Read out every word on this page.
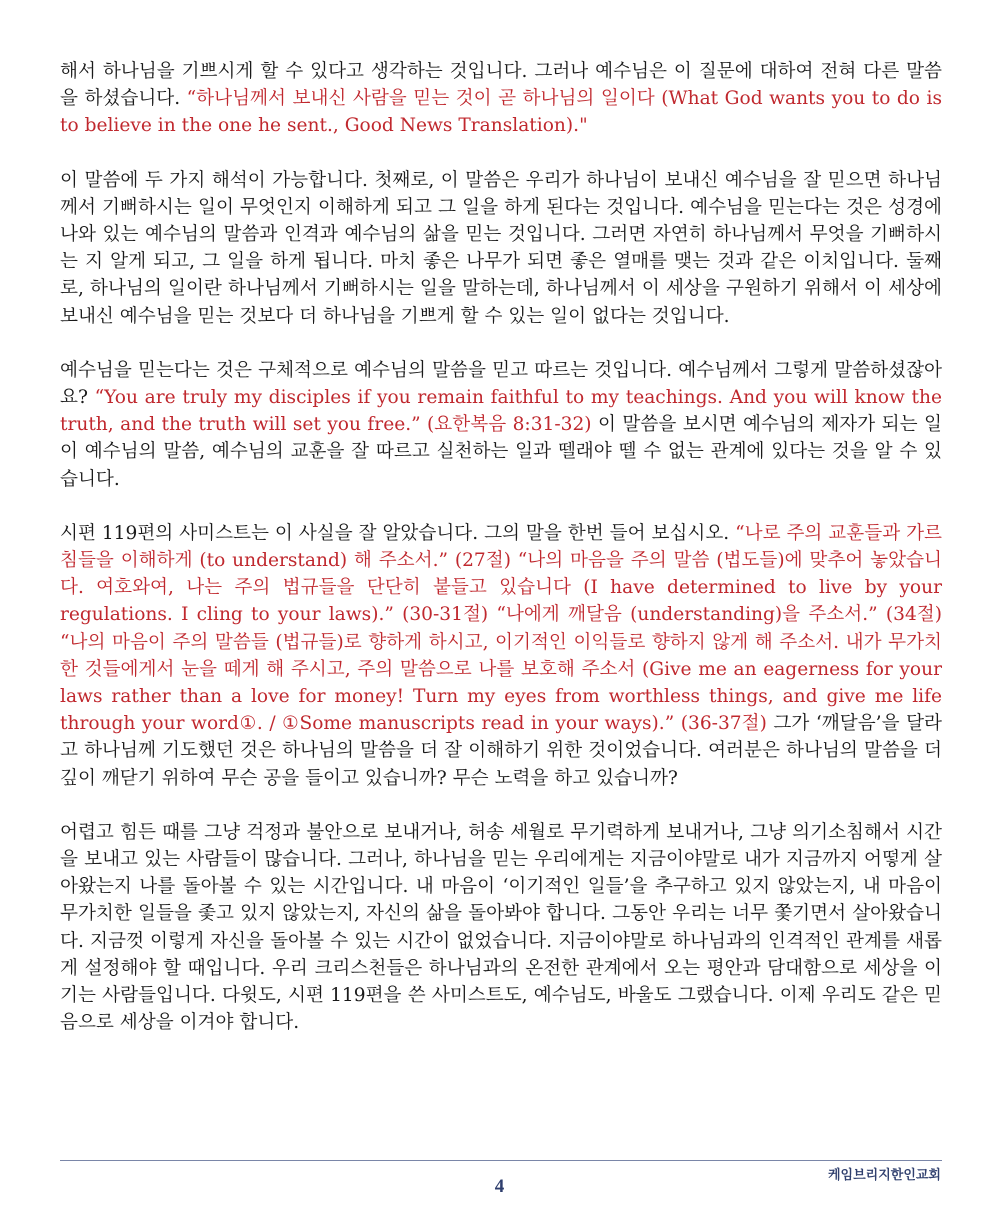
해서 하나님을 기쁘시게 할 수 있다고 생각하는 것입니다. 그러나 예수님은 이 질문에 대하여 전혀 다른 말씀을 하셨습니다. “하나님께서 보내신 사람을 믿는 것이 곧 하나님의 일이다 (What God wants you to do is to believe in the one he sent., Good News Translation)."

이 말씀에 두 가지 해석이 가능합니다. 첫째로, 이 말씀은 우리가 하나님이 보내신 예수님을 잘 믿으면 하나님께서 기뻐하시는 일이 무엇인지 이해하게 되고 그 일을 하게 된다는 것입니다. 예수님을 믿는다는 것은 성경에 나와 있는 예수님의 말씀과 인격과 예수님의 삶을 믿는 것입니다. 그러면 자연히 하나님께서 무엇을 기뻐하시는 지 알게 되고, 그 일을 하게 됩니다. 마치 좋은 나무가 되면 좋은 열매를 맺는 것과 같은 이치입니다. 둘째로, 하나님의 일이란 하나님께서 기뻐하시는 일을 말하는데, 하나님께서 이 세상을 구원하기 위해서 이 세상에 보내신 예수님을 믿는 것보다 더 하나님을 기쁘게 할 수 있는 일이 없다는 것입니다.

예수님을 믿는다는 것은 구체적으로 예수님의 말씀을 믿고 따르는 것입니다. 예수님께서 그렇게 말씀하셨잖아요? “You are truly my disciples if you remain faithful to my teachings. And you will know the truth, and the truth will set you free.” (요한복음 8:31-32) 이 말씀을 보시면 예수님의 제자가 되는 일이 예수님의 말씀, 예수님의 교훈을 잘 따르고 실천하는 일과 뗄래야 뗄 수 없는 관계에 있다는 것을 알 수 있습니다.

시편 119편의 사미스트는 이 사실을 잘 알았습니다. 그의 말을 한번 들어 보십시오. “나로 주의 교훈들과 가르침들을 이해하게 (to understand) 해 주소서.” (27절) “나의 마음을 주의 말씀 (법도들)에 맞추어 놓았습니다. 여호와여, 나는 주의 법규들을 단단히 붙들고 있습니다 (I have determined to live by your regulations. I cling to your laws).” (30-31절) “나에게 깨달음 (understanding)을 주소서.” (34절) “나의 마음이 주의 말씀들 (법규들)로 향하게 하시고, 이기적인 이익들로 향하지 않게 해 주소서. 내가 무가치한 것들에게서 눈을 떼게 해 주시고, 주의 말씀으로 나를 보호해 주소서 (Give me an eagerness for your laws rather than a love for money! Turn my eyes from worthless things, and give me life through your word①. / ①Some manuscripts read in your ways).” (36-37절) 그가 ‘깨달음’을 달라고 하나님께 기도했던 것은 하나님의 말씀을 더 잘 이해하기 위한 것이었습니다. 여러분은 하나님의 말씀을 더 깊이 깨닫기 위하여 무슨 공을 들이고 있습니까? 무슨 노력을 하고 있습니까?

어렵고 힘든 때를 그냥 걱정과 불안으로 보내거나, 허송 세월로 무기력하게 보내거나, 그냥 의기소침해서 시간을 보내고 있는 사람들이 많습니다. 그러나, 하나님을 믿는 우리에게는 지금이야말로 내가 지금까지 어떻게 살아왔는지 나를 돌아볼 수 있는 시간입니다. 내 마음이 ‘이기적인 일들’을 추구하고 있지 않았는지, 내 마음이 무가치한 일들을 좇고 있지 않았는지, 자신의 삶을 돌아봐야 합니다. 그동안 우리는 너무 쫓기면서 살아왔습니다. 지금껏 이렇게 자신을 돌아볼 수 있는 시간이 없었습니다. 지금이야말로 하나님과의 인격적인 관계를 새롭게 설정해야 할 때입니다. 우리 크리스천들은 하나님과의 온전한 관계에서 오는 평안과 담대함으로 세상을 이기는 사람들입니다. 다윗도, 시편 119편을 쓴 사미스트도, 예수님도, 바울도 그랬습니다. 이제 우리도 같은 믿음으로 세상을 이겨야 합니다.

케임브리지한인교회
4
